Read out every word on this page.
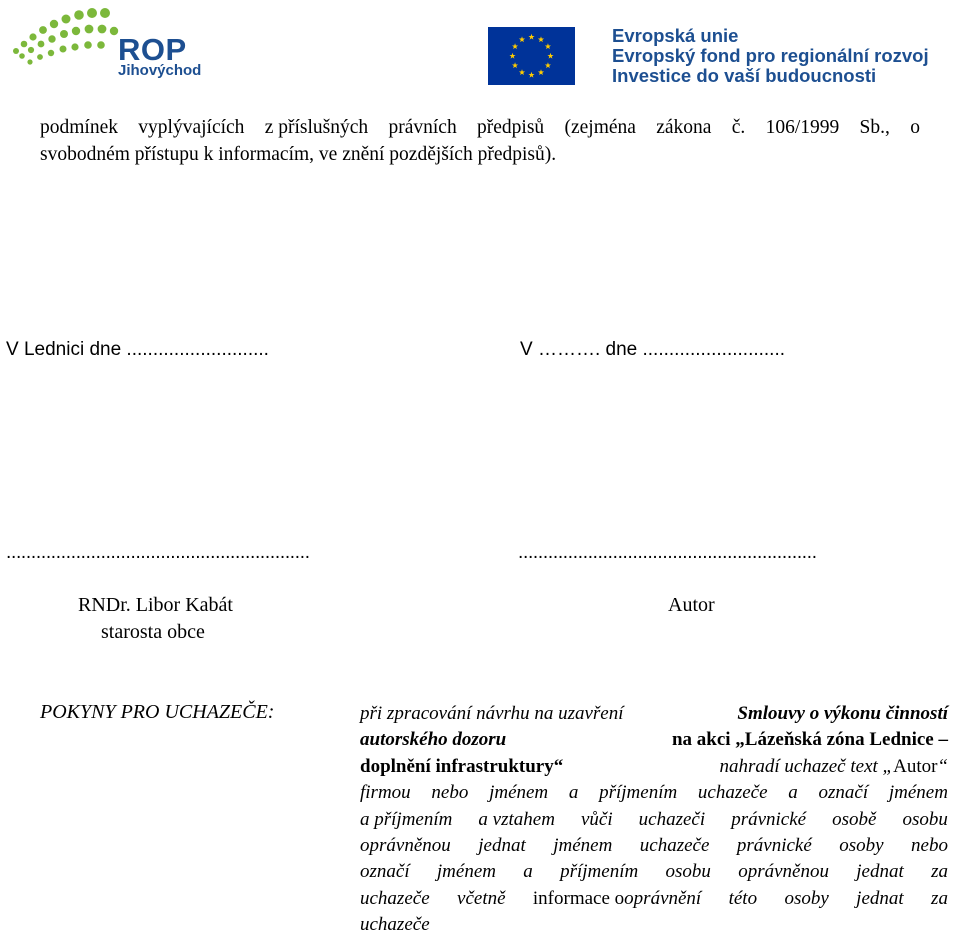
ROP
Jihovýchod
Evropská unie
Evropský fond pro regionální rozvoj
Investice do vaší budoucnosti
podmínek vyplývajících z příslušných právních předpisů (zejména zákona č. 106/1999 Sb., o
svobodném přístupu k informacím, ve znění pozdějších předpisů).
V Lednici dne ...........................	V ………. dne ...........................
.............................................................	............................................................
RNDr. Libor Kabát
starosta obce
Autor
POKYNY PRO UCHAZEČE:	při zpracování návrhu na uzavření	Smlouvy o výkonu činností
autorského dozoru	na akci „Lázeňská zóna Lednice –
doplnění infrastruktury“	nahradí uchazeč text „Autor“
firmou nebo jménem a příjmením uchazeče a označí jménem
a příjmením a vztahem vůči uchazeči právnické osobě osobu
oprávněnou jednat jménem uchazeče právnické osoby nebo
označí jménem a příjmením osobu oprávněnou jednat za
uchazeče včetně informace ooprávnění této osoby jednat za
uchazeče
